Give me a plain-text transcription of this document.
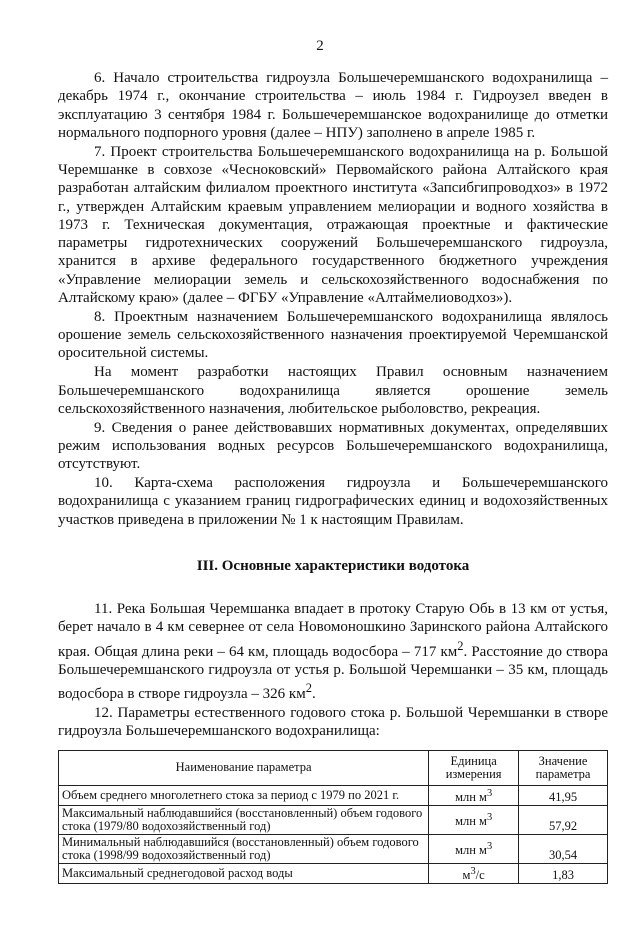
2

6. Начало строительства гидроузла Большечеремшанского водохранилища – декабрь 1974 г., окончание строительства – июль 1984 г. Гидроузел введен в эксплуатацию 3 сентября 1984 г. Большечеремшанское водохранилище до отметки нормального подпорного уровня (далее – НПУ) заполнено в апреле 1985 г.

7. Проект строительства Большечеремшанского водохранилища на р. Большой Черемшанке в совхозе «Чесноковский» Первомайского района Алтайского края разработан алтайским филиалом проектного института «Запсибгипроводхоз» в 1972 г., утвержден Алтайским краевым управлением мелиорации и водного хозяйства в 1973 г. Техническая документация, отражающая проектные и фактические параметры гидротехнических сооружений Большечеремшанского гидроузла, хранится в архиве федерального государственного бюджетного учреждения «Управление мелиорации земель и сельскохозяйственного водоснабжения по Алтайскому краю» (далее – ФГБУ «Управление «Алтаймелиоводхоз»).

8. Проектным назначением Большечеремшанского водохранилища являлось орошение земель сельскохозяйственного назначения проектируемой Черемшанской оросительной системы.

На момент разработки настоящих Правил основным назначением Большечеремшанского водохранилища является орошение земель сельскохозяйственного назначения, любительское рыболовство, рекреация.

9. Сведения о ранее действовавших нормативных документах, определявших режим использования водных ресурсов Большечеремшанского водохранилища, отсутствуют.

10. Карта-схема расположения гидроузла и Большечеремшанского водохранилища с указанием границ гидрографических единиц и водохозяйственных участков приведена в приложении № 1 к настоящим Правилам.

III. Основные характеристики водотока

11. Река Большая Черемшанка впадает в протоку Старую Обь в 13 км от устья, берет начало в 4 км севернее от села Новомоношкино Заринского района Алтайского края. Общая длина реки – 64 км, площадь водосбора – 717 $км^2$. Расстояние до створа Большечеремшанского гидроузла от устья р. Большой Черемшанки – 35 км, площадь водосбора в створе гидроузла – 326 $км^2$.

12. Параметры естественного годового стока р. Большой Черемшанки в створе гидроузла Большечеремшанского водохранилища:

Наименование параметра	Единица измерения	Значение параметра
Объем среднего многолетнего стока за период с 1979 по 2021 г.	млн $м^3$	41,95
Максимальный наблюдавшийся (восстановленный) объем годового стока (1979/80 водохозяйственный год)	млн $м^3$	57,92
Минимальный наблюдавшийся (восстановленный) объем годового стока (1998/99 водохозяйственный год)	млн $м^3$	30,54
Максимальный среднегодовой расход воды	$м^3/с$	1,83
